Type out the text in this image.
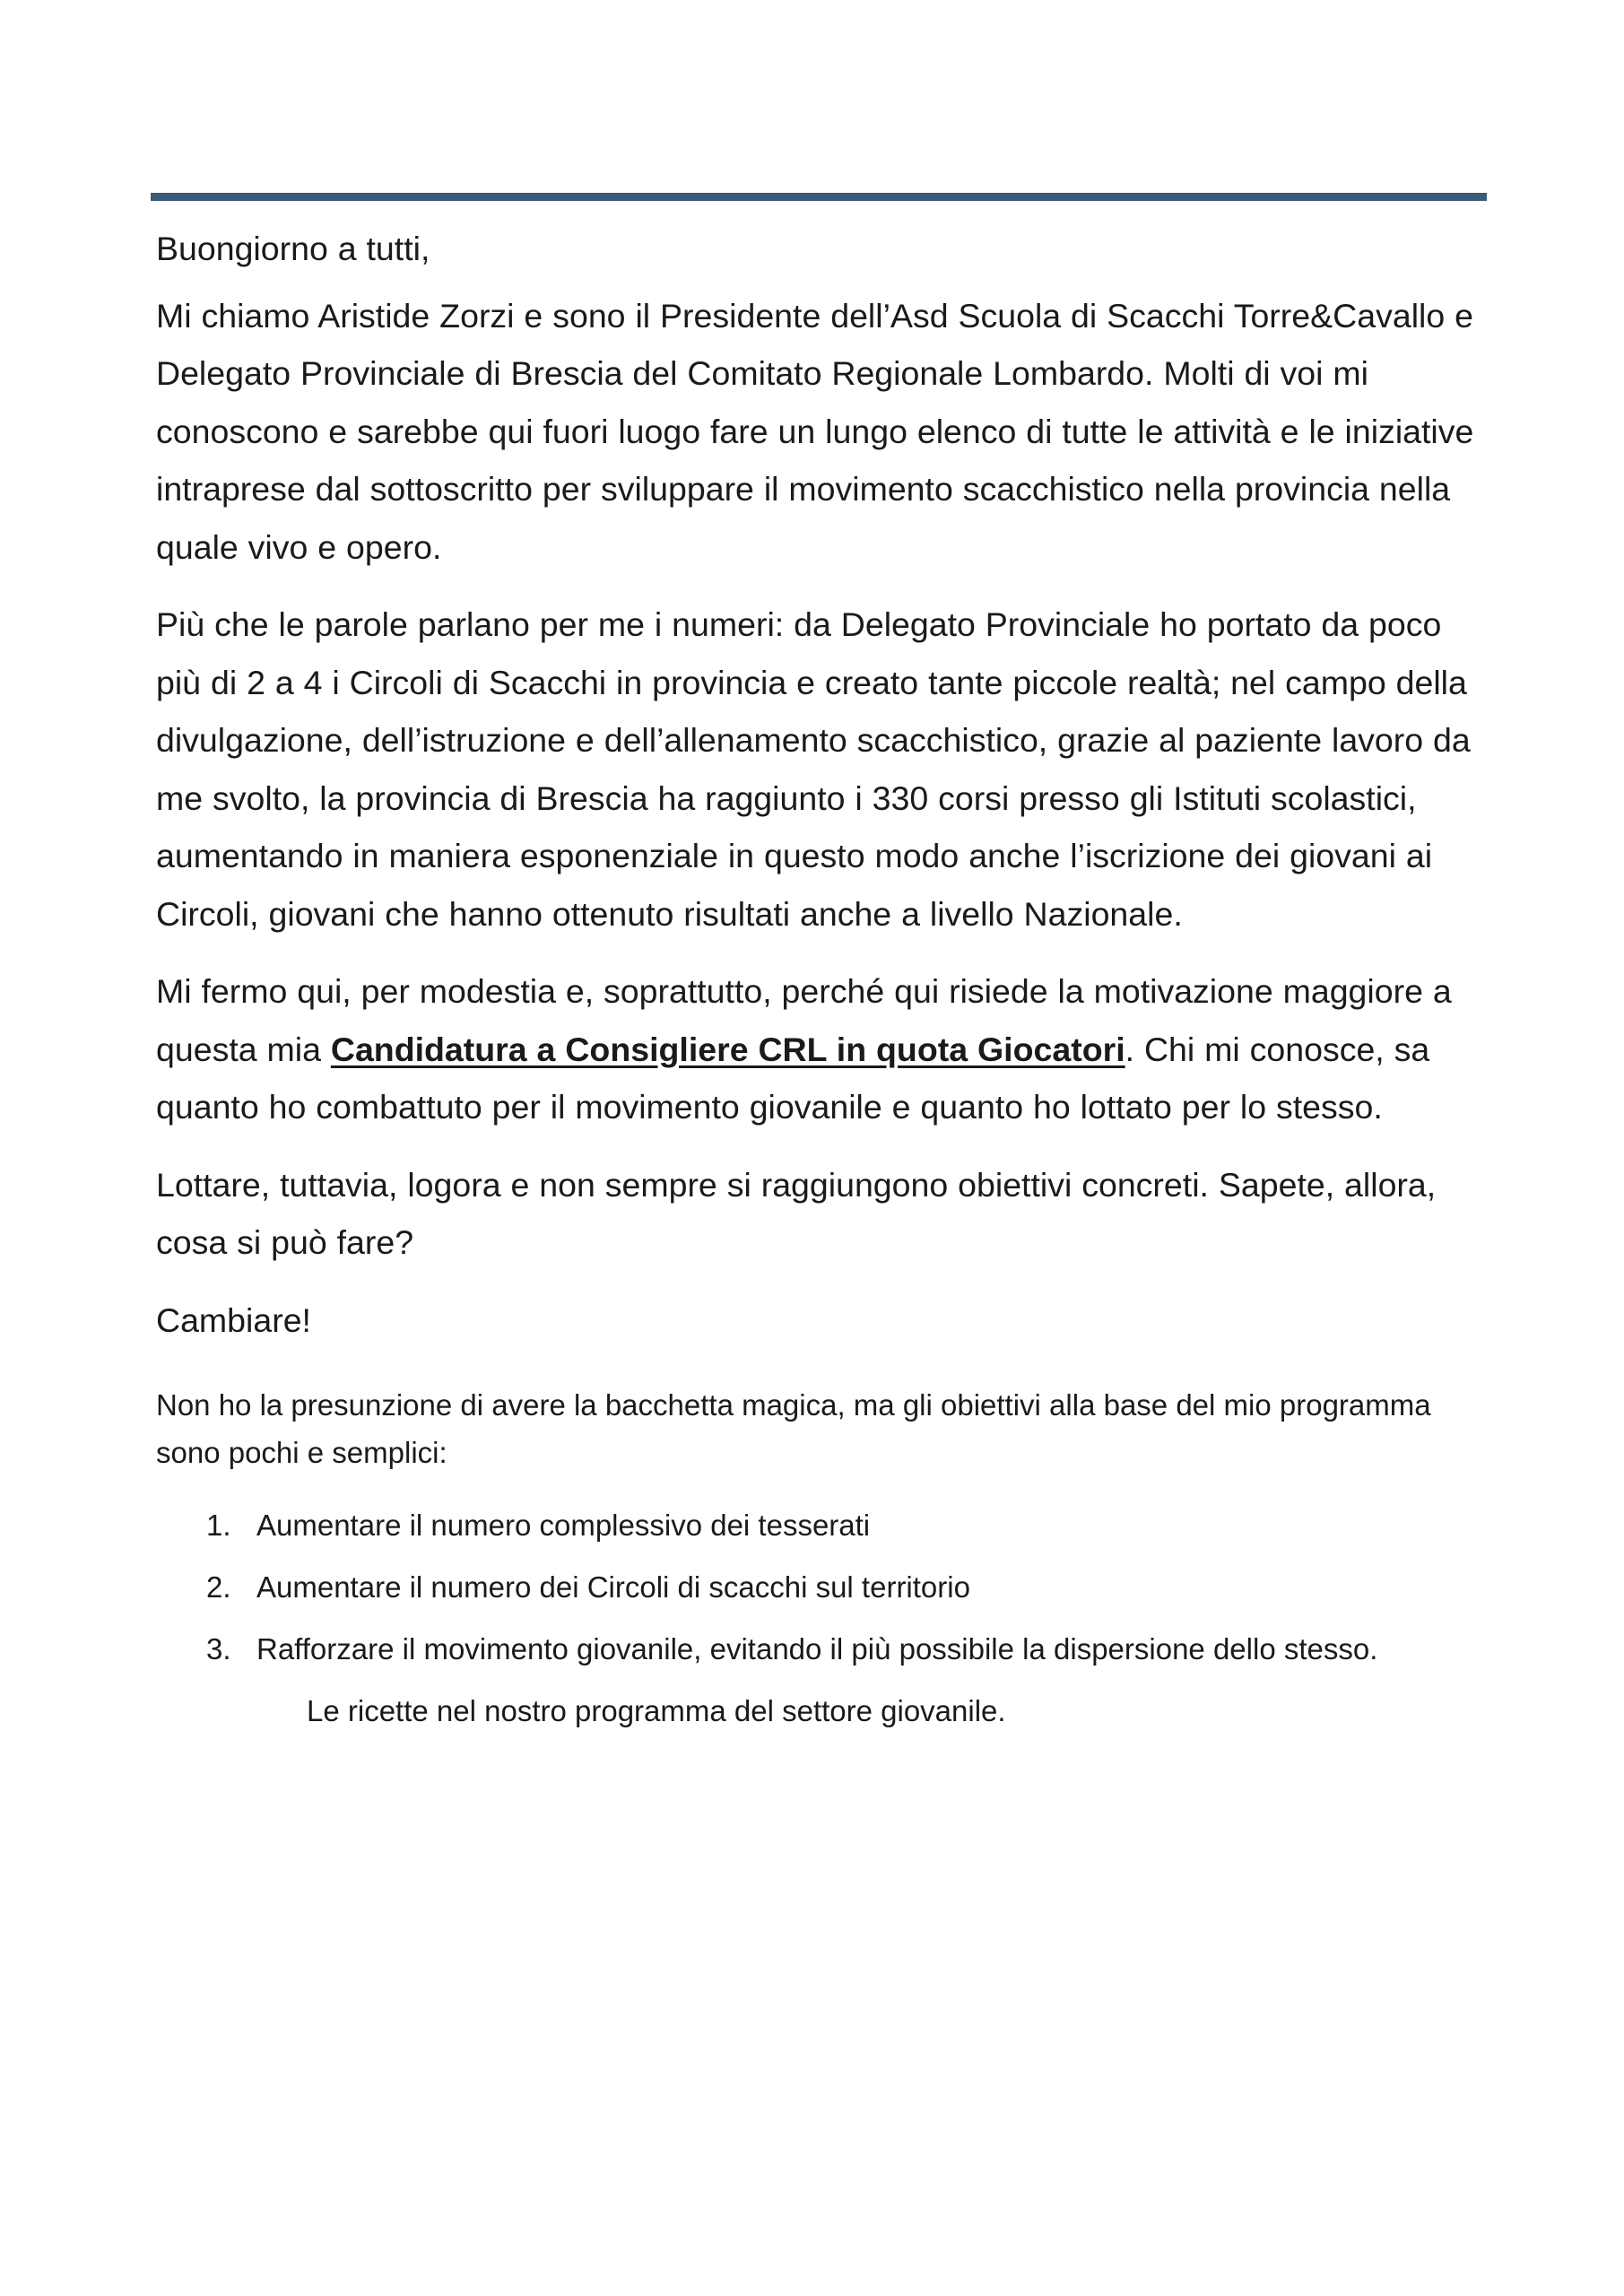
Buongiorno a tutti,

Mi chiamo Aristide Zorzi e sono il Presidente dell’Asd Scuola di Scacchi Torre&Cavallo e Delegato Provinciale di Brescia del Comitato Regionale Lombardo. Molti di voi mi conoscono e sarebbe qui fuori luogo fare un lungo elenco di tutte le attività e le iniziative intraprese dal sottoscritto per sviluppare il movimento scacchistico nella provincia nella quale vivo e opero.

Più che le parole parlano per me i numeri: da Delegato Provinciale ho portato da poco più di 2 a 4 i Circoli di Scacchi in provincia e creato tante piccole realtà; nel campo della divulgazione, dell’istruzione e dell’allenamento scacchistico, grazie al paziente lavoro da me svolto, la provincia di Brescia ha raggiunto i 330 corsi presso gli Istituti scolastici, aumentando in maniera esponenziale in questo modo anche l’iscrizione dei giovani ai Circoli, giovani che hanno ottenuto risultati anche a livello Nazionale.

Mi fermo qui, per modestia e, soprattutto, perché qui risiede la motivazione maggiore a questa mia Candidatura a Consigliere CRL in quota Giocatori. Chi mi conosce, sa quanto ho combattuto per il movimento giovanile e quanto ho lottato per lo stesso.

Lottare, tuttavia, logora e non sempre si raggiungono obiettivi concreti. Sapete, allora, cosa si può fare?

Cambiare!

Non ho la presunzione di avere la bacchetta magica, ma gli obiettivi alla base del mio programma sono pochi e semplici:

1. Aumentare il numero complessivo dei tesserati
2. Aumentare il numero dei Circoli di scacchi sul territorio
3. Rafforzare il movimento giovanile, evitando il più possibile la dispersione dello stesso.

Le ricette nel nostro programma del settore giovanile.
